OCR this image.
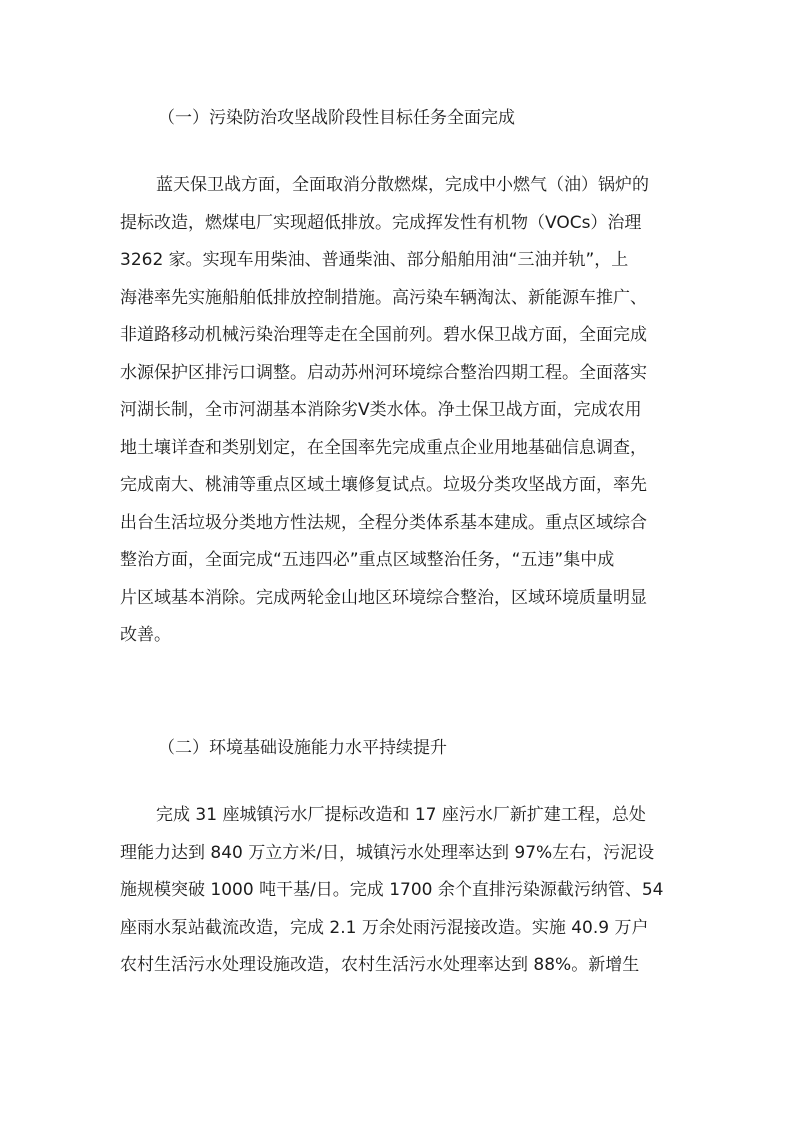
（一）污染防治攻坚战阶段性目标任务全面完成
蓝天保卫战方面，全面取消分散燃煤，完成中小燃气（油）锅炉的
提标改造，燃煤电厂实现超低排放。完成挥发性有机物（VOCs）治理
3262 家。实现车用柴油、普通柴油、部分船舶用油“三油并轨”，上
海港率先实施船舶低排放控制措施。高污染车辆淘汰、新能源车推广、
非道路移动机械污染治理等走在全国前列。碧水保卫战方面，全面完成
水源保护区排污口调整。启动苏州河环境综合整治四期工程。全面落实
河湖长制，全市河湖基本消除劣Ⅴ类水体。净土保卫战方面，完成农用
地土壤详查和类别划定，在全国率先完成重点企业用地基础信息调查，
完成南大、桃浦等重点区域土壤修复试点。垃圾分类攻坚战方面，率先
出台生活垃圾分类地方性法规，全程分类体系基本建成。重点区域综合
整治方面，全面完成“五违四必”重点区域整治任务，“五违”集中成
片区域基本消除。完成两轮金山地区环境综合整治，区域环境质量明显
改善。
（二）环境基础设施能力水平持续提升
完成 31 座城镇污水厂提标改造和 17 座污水厂新扩建工程，总处
理能力达到 840 万立方米/日，城镇污水处理率达到 97%左右，污泥设
施规模突破 1000 吨干基/日。完成 1700 余个直排污染源截污纳管、54
座雨水泵站截流改造，完成 2.1 万余处雨污混接改造。实施 40.9 万户
农村生活污水处理设施改造，农村生活污水处理率达到 88%。新增生
